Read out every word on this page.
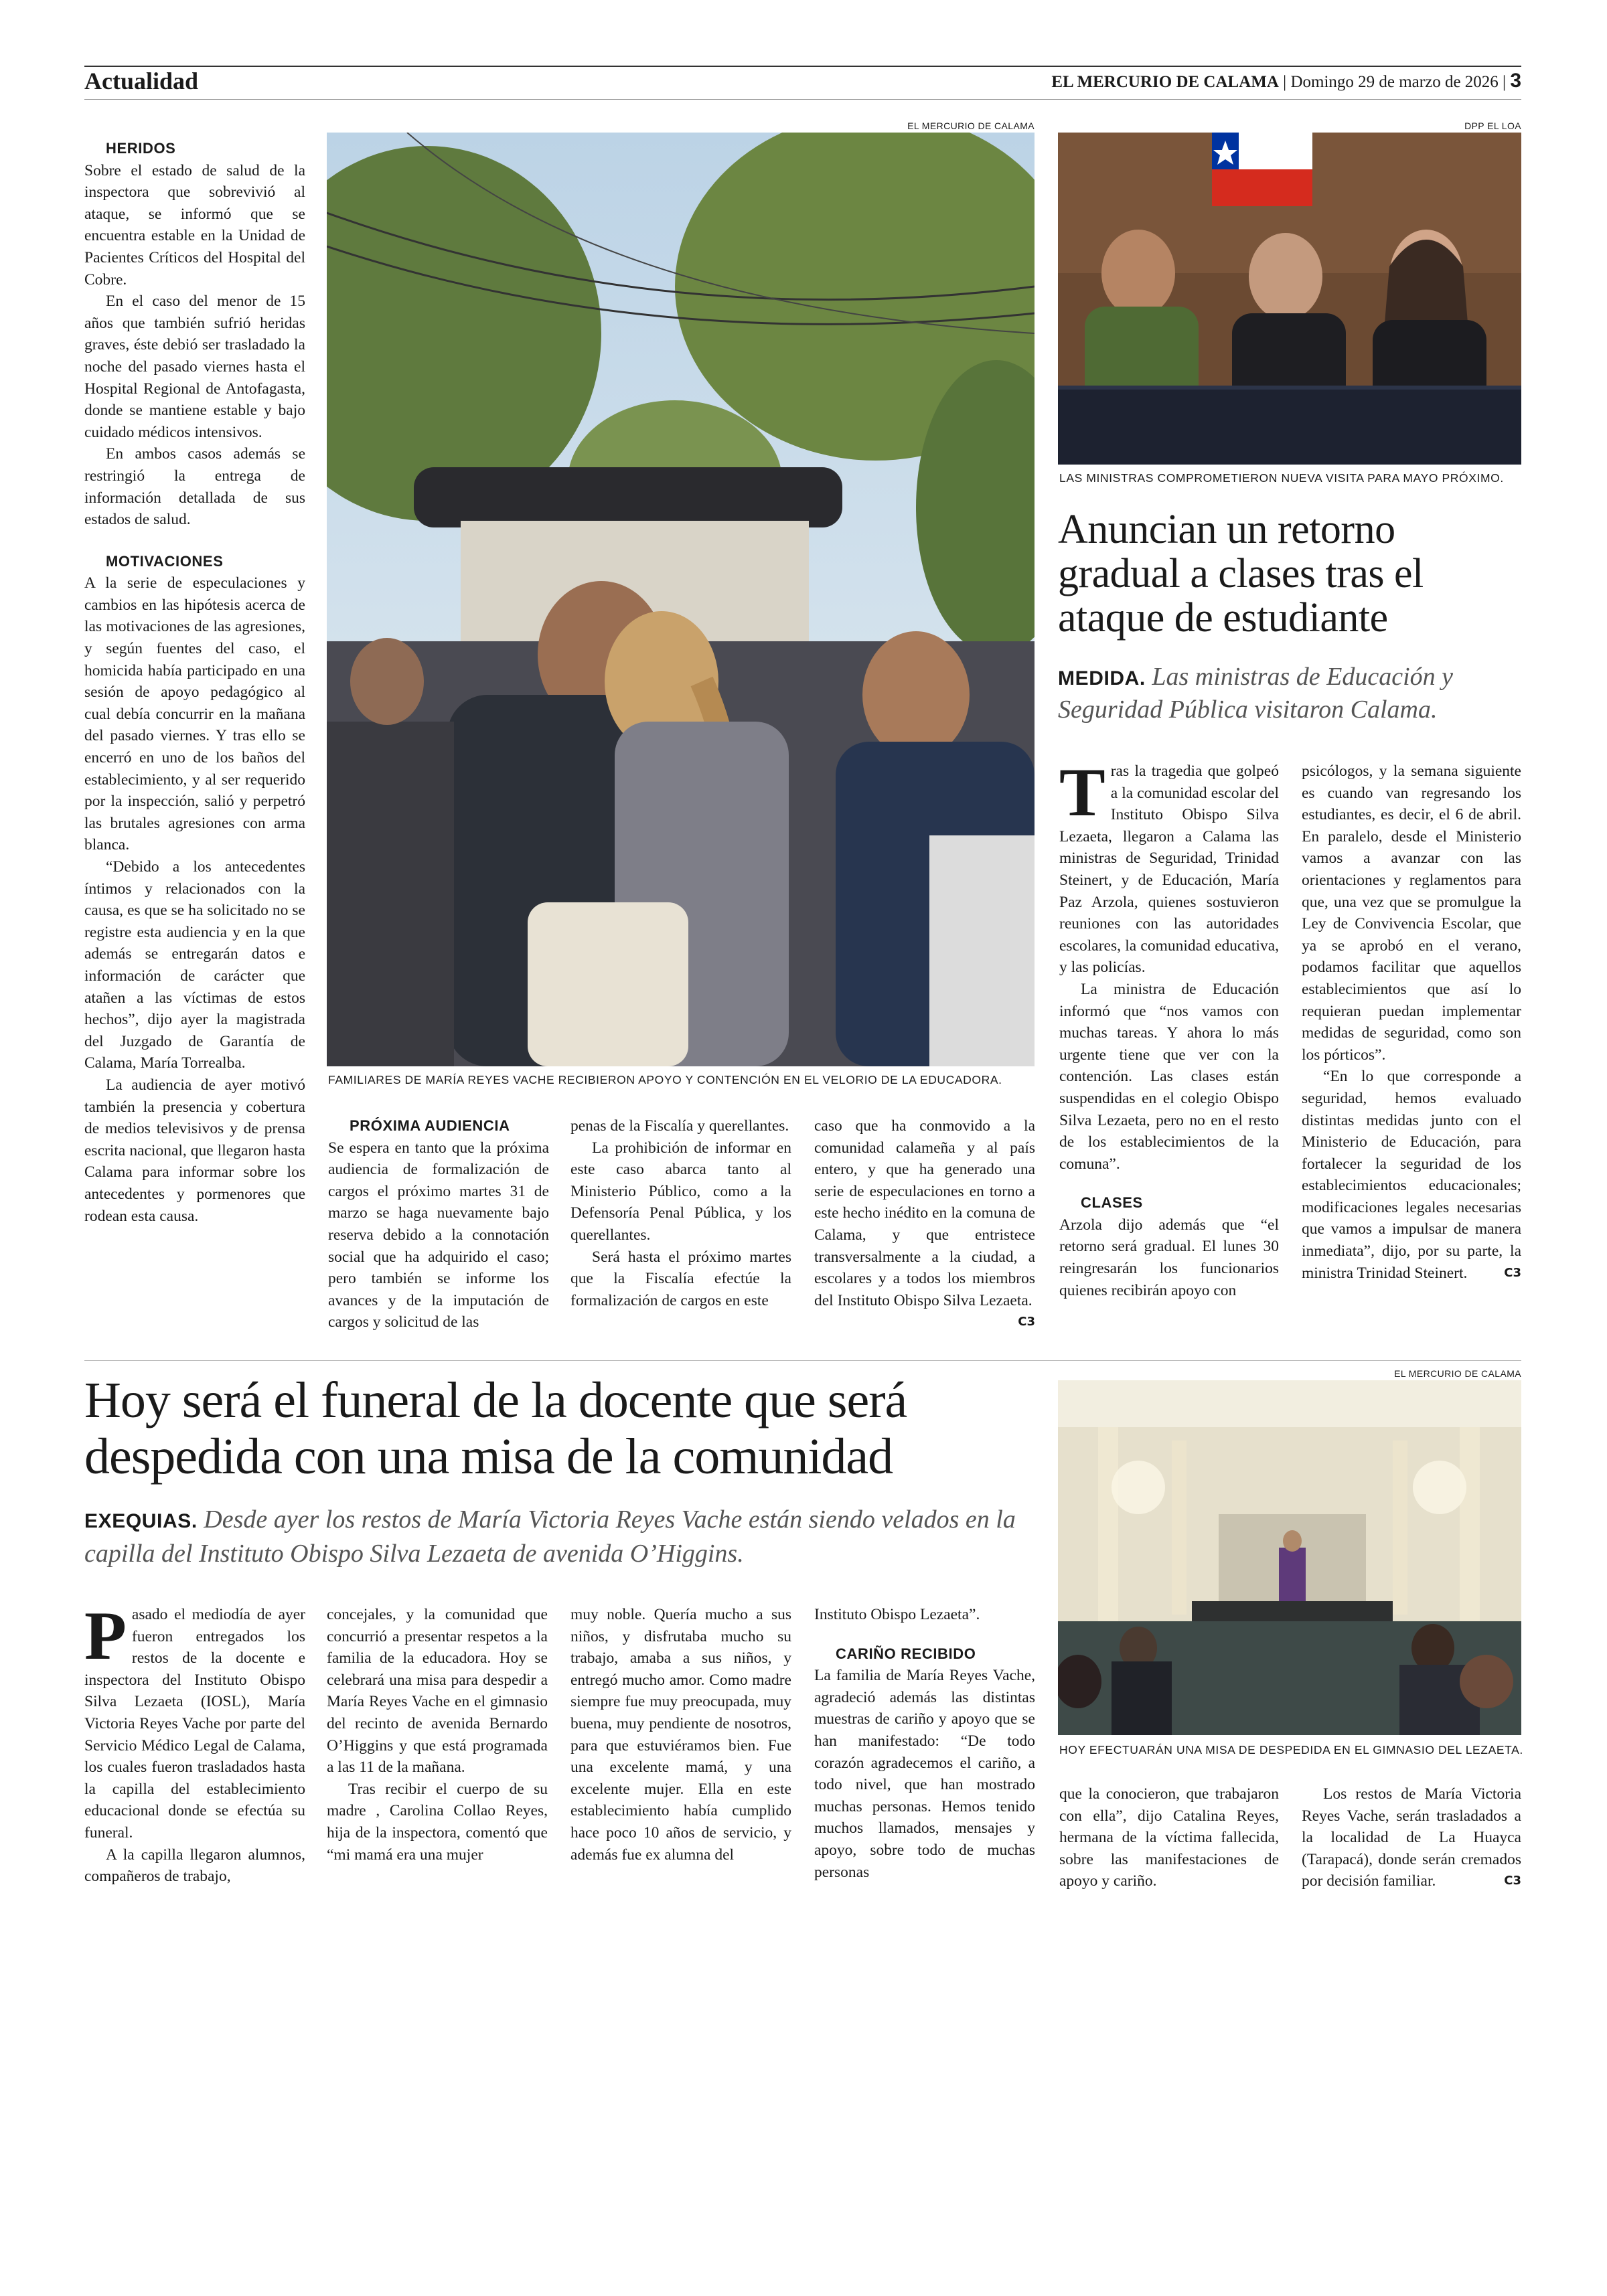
Actualidad	EL MERCURIO DE CALAMA | Domingo 29 de marzo de 2026 | 3

HERIDOS

Sobre el estado de salud de la inspectora que sobrevivió al ataque, se informó que se encuentra estable en la Unidad de Pacientes Críticos del Hospital del Cobre.

En el caso del menor de 15 años que también sufrió heridas graves, éste debió ser trasladado la noche del pasado viernes hasta el Hospital Regional de Antofagasta, donde se mantiene estable y bajo cuidado médicos intensivos.

En ambos casos además se restringió la entrega de información detallada de sus estados de salud.

MOTIVACIONES

A la serie de especulaciones y cambios en las hipótesis acerca de las motivaciones de las agresiones, y según fuentes del caso, el homicida había participado en una sesión de apoyo pedagógico al cual debía concurrir en la mañana del pasado viernes. Y tras ello se encerró en uno de los baños del establecimiento, y al ser requerido por la inspección, salió y perpetró las brutales agresiones con arma blanca.

“Debido a los antecedentes íntimos y relacionados con la causa, es que se ha solicitado no se registre esta audiencia y en la que además se entregarán datos e información de carácter que atañen a las víctimas de estos hechos”, dijo ayer la magistrada del Juzgado de Garantía de Calama, María Torrealba.

La audiencia de ayer motivó también la presencia y cobertura de medios televisivos y de prensa escrita nacional, que llegaron hasta Calama para informar sobre los antecedentes y pormenores que rodean esta causa.

EL MERCURIO DE CALAMA
FAMILIARES DE MARÍA REYES VACHE RECIBIERON APOYO Y CONTENCIÓN EN EL VELORIO DE LA EDUCADORA.

PRÓXIMA AUDIENCIA

Se espera en tanto que la próxima audiencia de formalización de cargos el próximo martes 31 de marzo se haga nuevamente bajo reserva debido a la connotación social que ha adquirido el caso; pero también se informe los avances y de la imputación de cargos y solicitud de las

penas de la Fiscalía y querellantes.

La prohibición de informar en este caso abarca tanto al Ministerio Público, como a la Defensoría Penal Pública, y los querellantes.

Será hasta el próximo martes que la Fiscalía efectúe la formalización de cargos en este

caso que ha conmovido a la comunidad calameña y al país entero, y que ha generado una serie de especulaciones en torno a este hecho inédito en la comuna de Calama, y que entristece transversalmente a la ciudad, a escolares y a todos los miembros del Instituto Obispo Silva Lezaeta.
C3

DPP EL LOA
LAS MINISTRAS COMPROMETIERON NUEVA VISITA PARA MAYO PRÓXIMO.
Anuncian un retorno gradual a clases tras el ataque de estudiante
MEDIDA. Las ministras de Educación y Seguridad Pública visitaron Calama.

Tras la tragedia que golpeó a la comunidad escolar del Instituto Obispo Silva Lezaeta, llegaron a Calama las ministras de Seguridad, Trinidad Steinert, y de Educación, María Paz Arzola, quienes sostuvieron reuniones con las autoridades escolares, la comunidad educativa, y las policías.

La ministra de Educación informó que “nos vamos con muchas tareas. Y ahora lo más urgente tiene que ver con la contención. Las clases están suspendidas en el colegio Obispo Silva Lezaeta, pero no en el resto de los establecimientos de la comuna”.

CLASES

Arzola dijo además que “el retorno será gradual. El lunes 30 reingresarán los funcionarios quienes recibirán apoyo con

psicólogos, y la semana siguiente es cuando van regresando los estudiantes, es decir, el 6 de abril. En paralelo, desde el Ministerio vamos a avanzar con las orientaciones y reglamentos para que, una vez que se promulgue la Ley de Convivencia Escolar, que ya se aprobó en el verano, podamos facilitar que aquellos establecimientos que así lo requieran puedan implementar medidas de seguridad, como son los pórticos”.

“En lo que corresponde a seguridad, hemos evaluado distintas medidas junto con el Ministerio de Educación, para fortalecer la seguridad de los establecimientos educacionales; modificaciones legales necesarias que vamos a impulsar de manera inmediata”, dijo, por su parte, la ministra Trinidad Steinert.	C3

Hoy será el funeral de la docente que será despedida con una misa de la comunidad
EXEQUIAS. Desde ayer los restos de María Victoria Reyes Vache están siendo velados en la capilla del Instituto Obispo Silva Lezaeta de avenida O’Higgins.
EL MERCURIO DE CALAMA
HOY EFECTUARÁN UNA MISA DE DESPEDIDA EN EL GIMNASIO DEL LEZAETA.

Pasado el mediodía de ayer fueron entregados los restos de la docente e inspectora del Instituto Obispo Silva Lezaeta (IOSL), María Victoria Reyes Vache por parte del Servicio Médico Legal de Calama, los cuales fueron trasladados hasta la capilla del establecimiento educacional donde se efectúa su funeral.

A la capilla llegaron alumnos, compañeros de trabajo,

concejales, y la comunidad que concurrió a presentar respetos a la familia de la educadora. Hoy se celebrará una misa para despedir a María Reyes Vache en el gimnasio del recinto de avenida Bernardo O’Higgins y que está programada a las 11 de la mañana.

Tras recibir el cuerpo de su madre , Carolina Collao Reyes, hija de la inspectora, comentó que “mi mamá era una mujer

muy noble. Quería mucho a sus niños, y disfrutaba mucho su trabajo, amaba a sus niños, y entregó mucho amor. Como madre siempre fue muy preocupada, muy buena, muy pendiente de nosotros, para que estuviéramos bien. Fue una excelente mamá, y una excelente mujer. Ella en este establecimiento había cumplido hace poco 10 años de servicio, y además fue ex alumna del

Instituto Obispo Lezaeta”.

CARIÑO RECIBIDO

La familia de María Reyes Vache, agradeció además las distintas muestras de cariño y apoyo que se han manifestado: “De todo corazón agradecemos el cariño, a todo nivel, que han mostrado muchas personas. Hemos tenido muchos llamados, mensajes y apoyo, sobre todo de muchas personas

que la conocieron, que trabajaron con ella”, dijo Catalina Reyes, hermana de la víctima fallecida, sobre las manifestaciones de apoyo y cariño.

Los restos de María Victoria Reyes Vache, serán trasladados a la localidad de La Huayca (Tarapacá), donde serán cremados por decisión familiar.	C3
